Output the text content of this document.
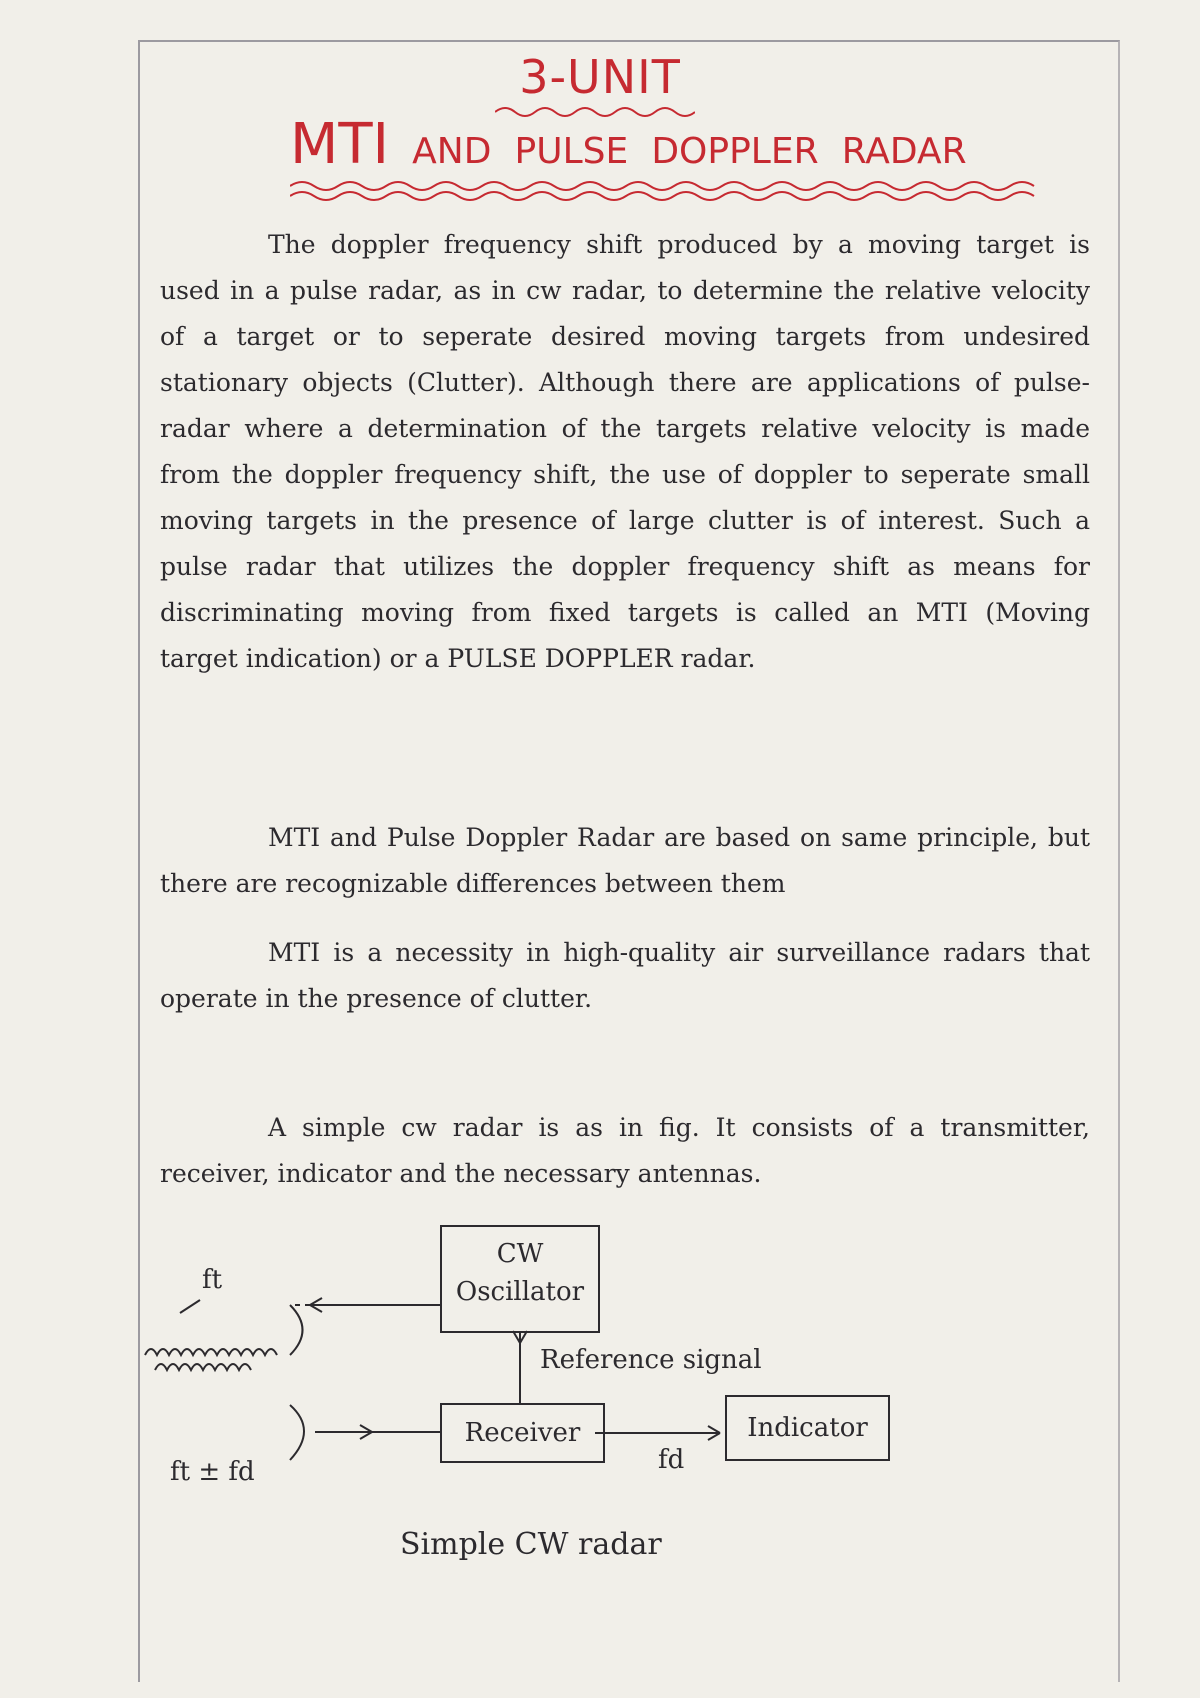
3-UNIT
MTI AND PULSE DOPPLER RADAR

The doppler frequency shift produced by a moving target is used in a pulse radar, as in cw radar, to determine the relative velocity of a target or to seperate desired moving targets from undesired stationary objects (Clutter). Although there are applications of pulse-radar where a determination of the targets relative velocity is made from the doppler frequency shift, the use of doppler to seperate small moving targets in the presence of large clutter is of interest. Such a pulse radar that utilizes the doppler frequency shift as means for discriminating moving from fixed targets is called an MTI (Moving target indication) or a PULSE DOPPLER radar.

MTI and Pulse Doppler Radar are based on same principle, but there are recognizable differences between them

MTI is a necessity in high-quality air surveillance radars that operate in the presence of clutter.

A simple cw radar is as in fig. It consists of a transmitter, receiver, indicator and the necessary antennas.

CW
Oscillator
Receiver	Indicator
Reference signal
ft
ft ± fd	fd
Simple CW radar
